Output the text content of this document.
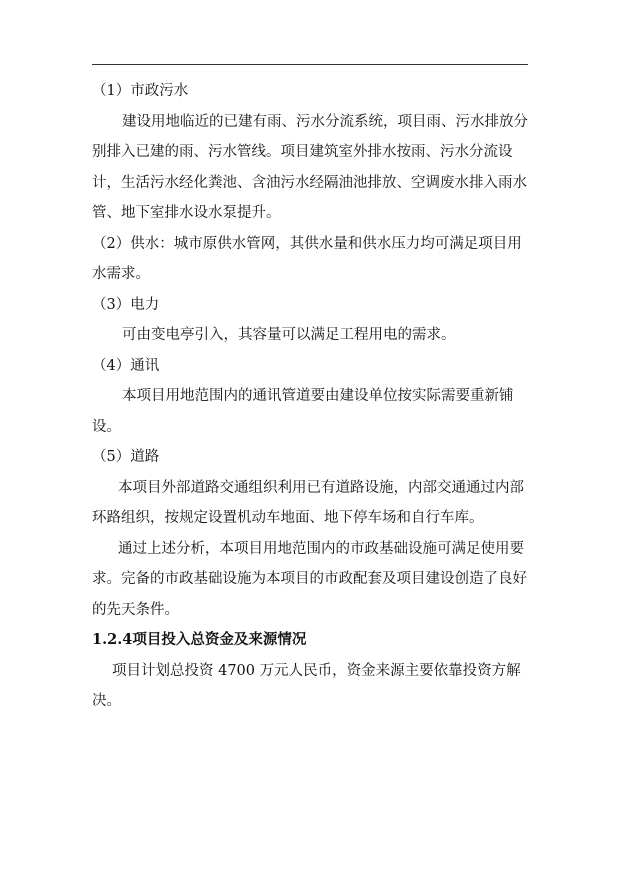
（1）市政污水

建设用地临近的已建有雨、污水分流系统，项目雨、污水排放分别排入已建的雨、污水管线。项目建筑室外排水按雨、污水分流设计，生活污水经化粪池、含油污水经隔油池排放、空调废水排入雨水管、地下室排水设水泵提升。

（2）供水：城市原供水管网，其供水量和供水压力均可满足项目用水需求。

（3）电力

可由变电亭引入，其容量可以满足工程用电的需求。

（4）通讯

本项目用地范围内的通讯管道要由建设单位按实际需要重新铺设。

（5）道路

本项目外部道路交通组织利用已有道路设施，内部交通通过内部环路组织，按规定设置机动车地面、地下停车场和自行车库。

通过上述分析，本项目用地范围内的市政基础设施可满足使用要求。完备的市政基础设施为本项目的市政配套及项目建设创造了良好的先天条件。

1.2.4项目投入总资金及来源情况

项目计划总投资 4700 万元人民币，资金来源主要依靠投资方解决。
